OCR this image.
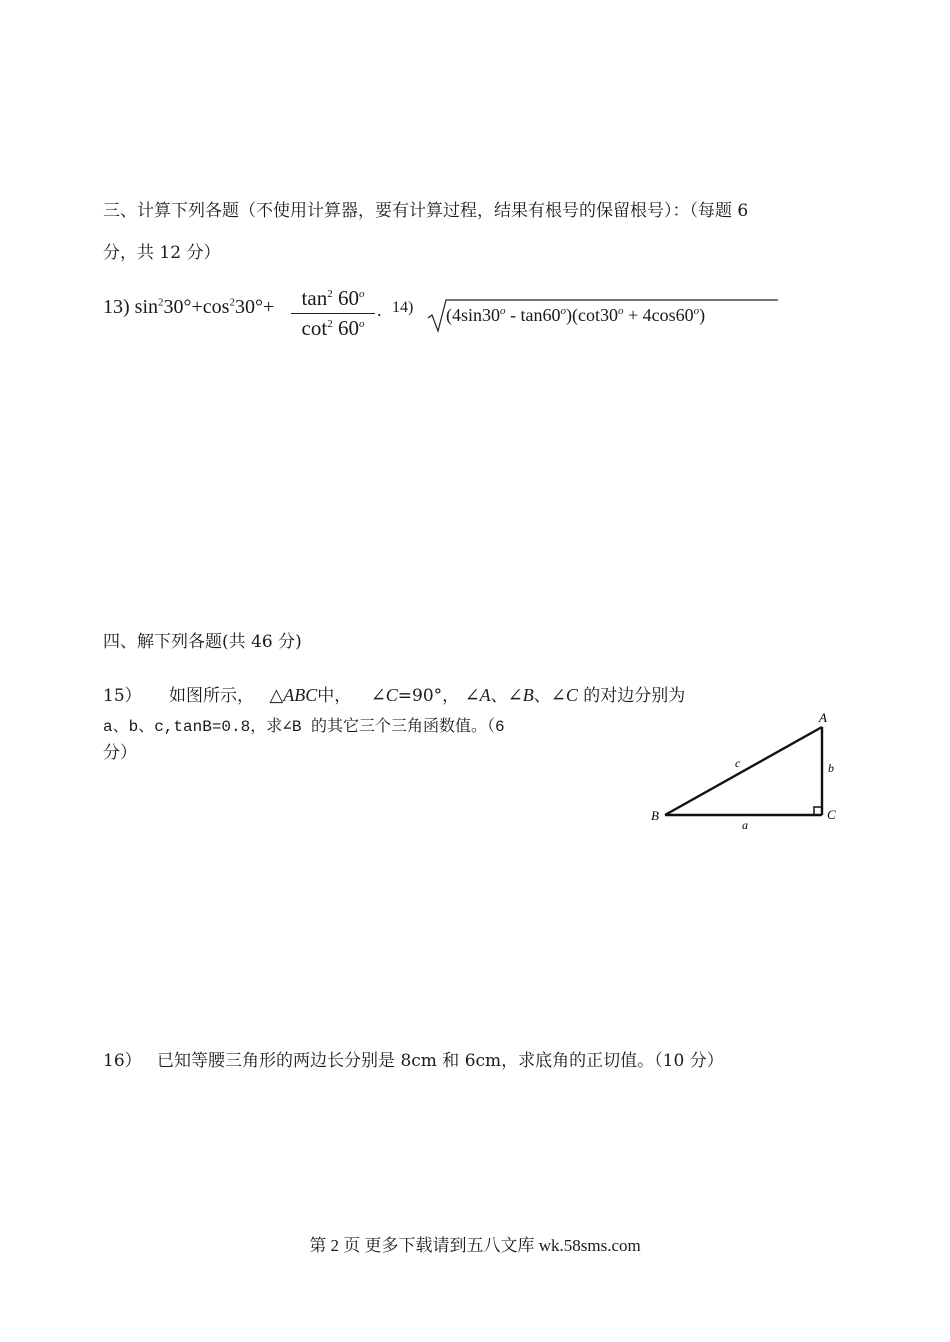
三、计算下列各题（不使用计算器，要有计算过程，结果有根号的保留根号）：（每题 6
分，共 12 分）
13) $\sin^230^\circ+\cos^230^\circ+$	$\tan^2 60^o$
$\cot^2 60^o$
. 14) $(4\sin 30^o - \tan 60^o)(\cot 30^o + 4\cos 60^o)$
四、解下列各题(共 46 分)
15） 如图所示， △ABC中， ∠C=90°， ∠A、∠B、∠C 的对边分别为
a、b、c,tanB=0.8，求∠B 的其它三个三角函数值。（6
分）
A
B	C
a
b
c
16） 已知等腰三角形的两边长分别是 8cm 和 6cm，求底角的正切值。（10 分）
第 2 页 更多下载请到五八文库 wk.58sms.com
